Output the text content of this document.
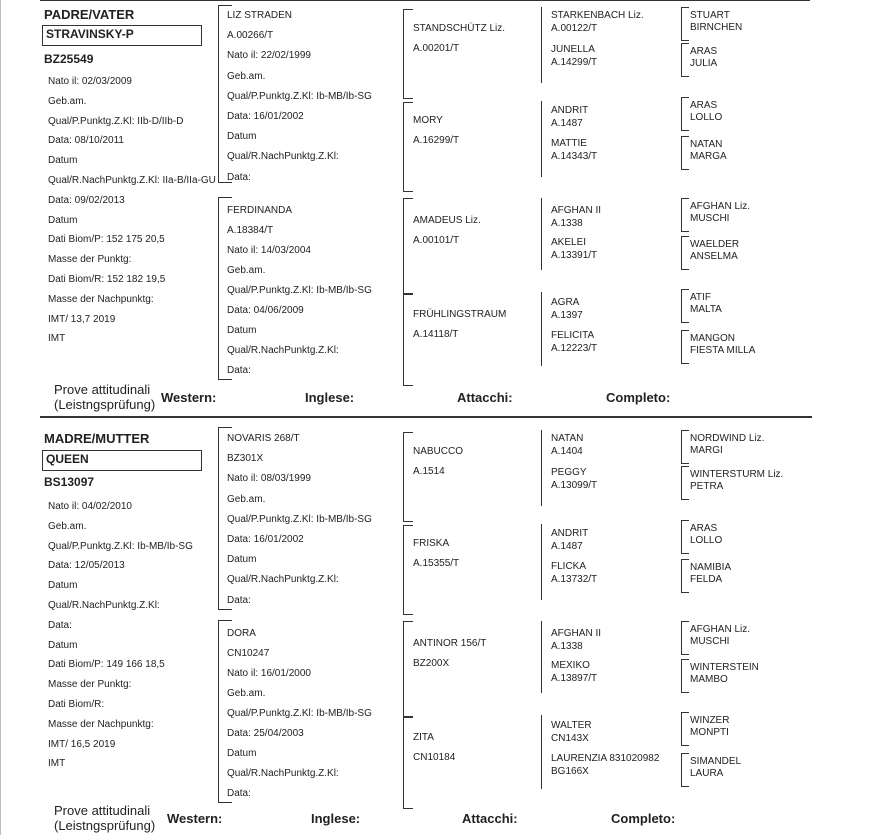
PADRE/VATER
STRAVINSKY-P
BZ25549
Nato il: 02/03/2009
Geb.am.
Qual/P.Punktg.Z.Kl: IIb-D/IIb-D
Data: 08/10/2011
Datum
Qual/R.NachPunktg.Z.Kl: IIa-B/IIa-GU
Data: 09/02/2013
Datum
Dati Biom/P: 152 175 20,5
Masse der Punktg:
Dati Biom/R: 152 182 19,5
Masse der Nachpunktg:
IMT/ 13,7 2019
IMT
LIZ STRADEN
A.00266/T
Nato il: 22/02/1999
Geb.am.
Qual/P.Punktg.Z.Kl: Ib-MB/Ib-SG
Data: 16/01/2002
Datum
Qual/R.NachPunktg.Z.Kl:
Data:
FERDINANDA
A.18384/T
Nato il: 14/03/2004
Geb.am.
Qual/P.Punktg.Z.Kl: Ib-MB/Ib-SG
Data: 04/06/2009
Datum
Qual/R.NachPunktg.Z.Kl:
Data:
STANDSCHÜTZ Liz.
A.00201/T
MORY
A.16299/T
AMADEUS Liz.
A.00101/T
FRÜHLINGSTRAUM
A.14118/T
STARKENBACH Liz.
A.00122/T
JUNELLA
A.14299/T
ANDRIT
A.1487
MATTIE
A.14343/T
AFGHAN II
A.1338
AKELEI
A.13391/T
AGRA
A.1397
FELICITA
A.12223/T
STUART
BIRNCHEN
ARAS
JULIA
ARAS
LOLLO
NATAN
MARGA
AFGHAN Liz.
MUSCHI
WAELDER
ANSELMA
ATIF
MALTA
MANGON
FIESTA MILLA
Prove attitudinali
(Leistngsprüfung) Western:	Inglese:	Attacchi:	Completo:
MADRE/MUTTER
QUEEN
BS13097
Nato il: 04/02/2010
Geb.am.
Qual/P.Punktg.Z.Kl: Ib-MB/Ib-SG
Data: 12/05/2013
Datum
Qual/R.NachPunktg.Z.Kl:
Data:
Datum
Dati Biom/P: 149 166 18,5
Masse der Punktg:
Dati Biom/R:
Masse der Nachpunktg:
IMT/ 16,5 2019
IMT
NOVARIS 268/T
BZ301X
Nato il: 08/03/1999
Geb.am.
Qual/P.Punktg.Z.Kl: Ib-MB/Ib-SG
Data: 16/01/2002
Datum
Qual/R.NachPunktg.Z.Kl:
Data:
DORA
CN10247
Nato il: 16/01/2000
Geb.am.
Qual/P.Punktg.Z.Kl: Ib-MB/Ib-SG
Data: 25/04/2003
Datum
Qual/R.NachPunktg.Z.Kl:
Data:
NABUCCO
A.1514
FRISKA
A.15355/T
ANTINOR 156/T
BZ200X
ZITA
CN10184
NATAN
A.1404
PEGGY
A.13099/T
ANDRIT
A.1487
FLICKA
A.13732/T
AFGHAN II
A.1338
MEXIKO
A.13897/T
WALTER
CN143X
LAURENZIA 831020982
BG166X
NORDWIND Liz.
MARGI
WINTERSTURM Liz.
PETRA
ARAS
LOLLO
NAMIBIA
FELDA
AFGHAN Liz.
MUSCHI
WINTERSTEIN
MAMBO
WINZER
MONPTI
SIMANDEL
LAURA
Prove attitudinali
(Leistngsprüfung) Western:	Inglese:	Attacchi:	Completo:
